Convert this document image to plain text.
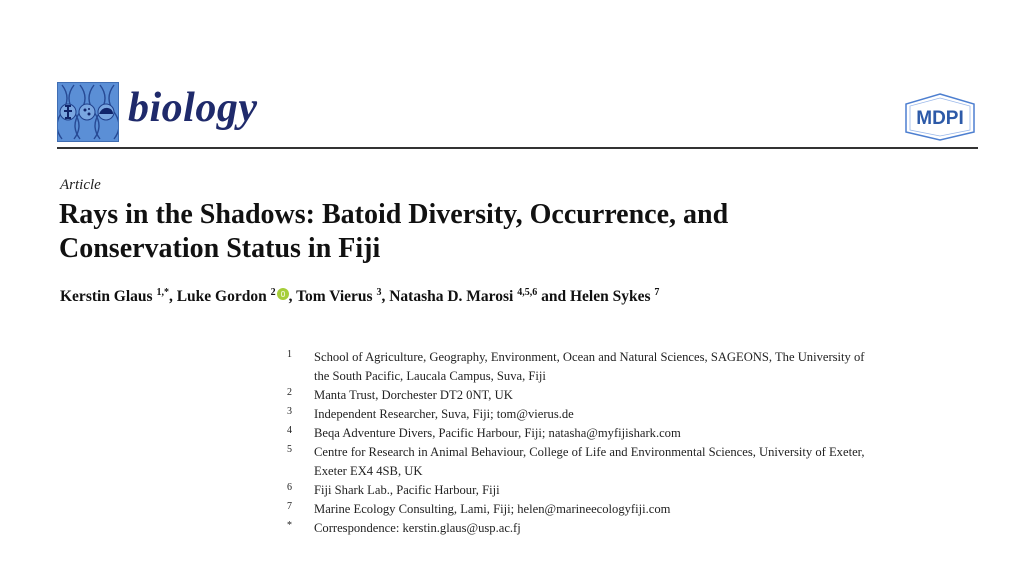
biology	MDPI
Article
Rays in the Shadows: Batoid Diversity, Occurrence, and
Conservation Status in Fiji
Kerstin Glaus $^{1,*}$, Luke Gordon $^2$ , Tom Vierus $^3$, Natasha D. Marosi $^{4,5,6}$ and Helen Sykes $^7$
1	School of Agriculture, Geography, Environment, Ocean and Natural Sciences, SAGEONS, The University of
the South Pacific, Laucala Campus, Suva, Fiji
2	Manta Trust, Dorchester DT2 0NT, UK
3	Independent Researcher, Suva, Fiji; tom@vierus.de
4	Beqa Adventure Divers, Pacific Harbour, Fiji; natasha@myfijishark.com
5	Centre for Research in Animal Behaviour, College of Life and Environmental Sciences, University of Exeter,
Exeter EX4 4SB, UK
6	Fiji Shark Lab., Pacific Harbour, Fiji
7	Marine Ecology Consulting, Lami, Fiji; helen@marineecologyfiji.com
*	Correspondence: kerstin.glaus@usp.ac.fj
